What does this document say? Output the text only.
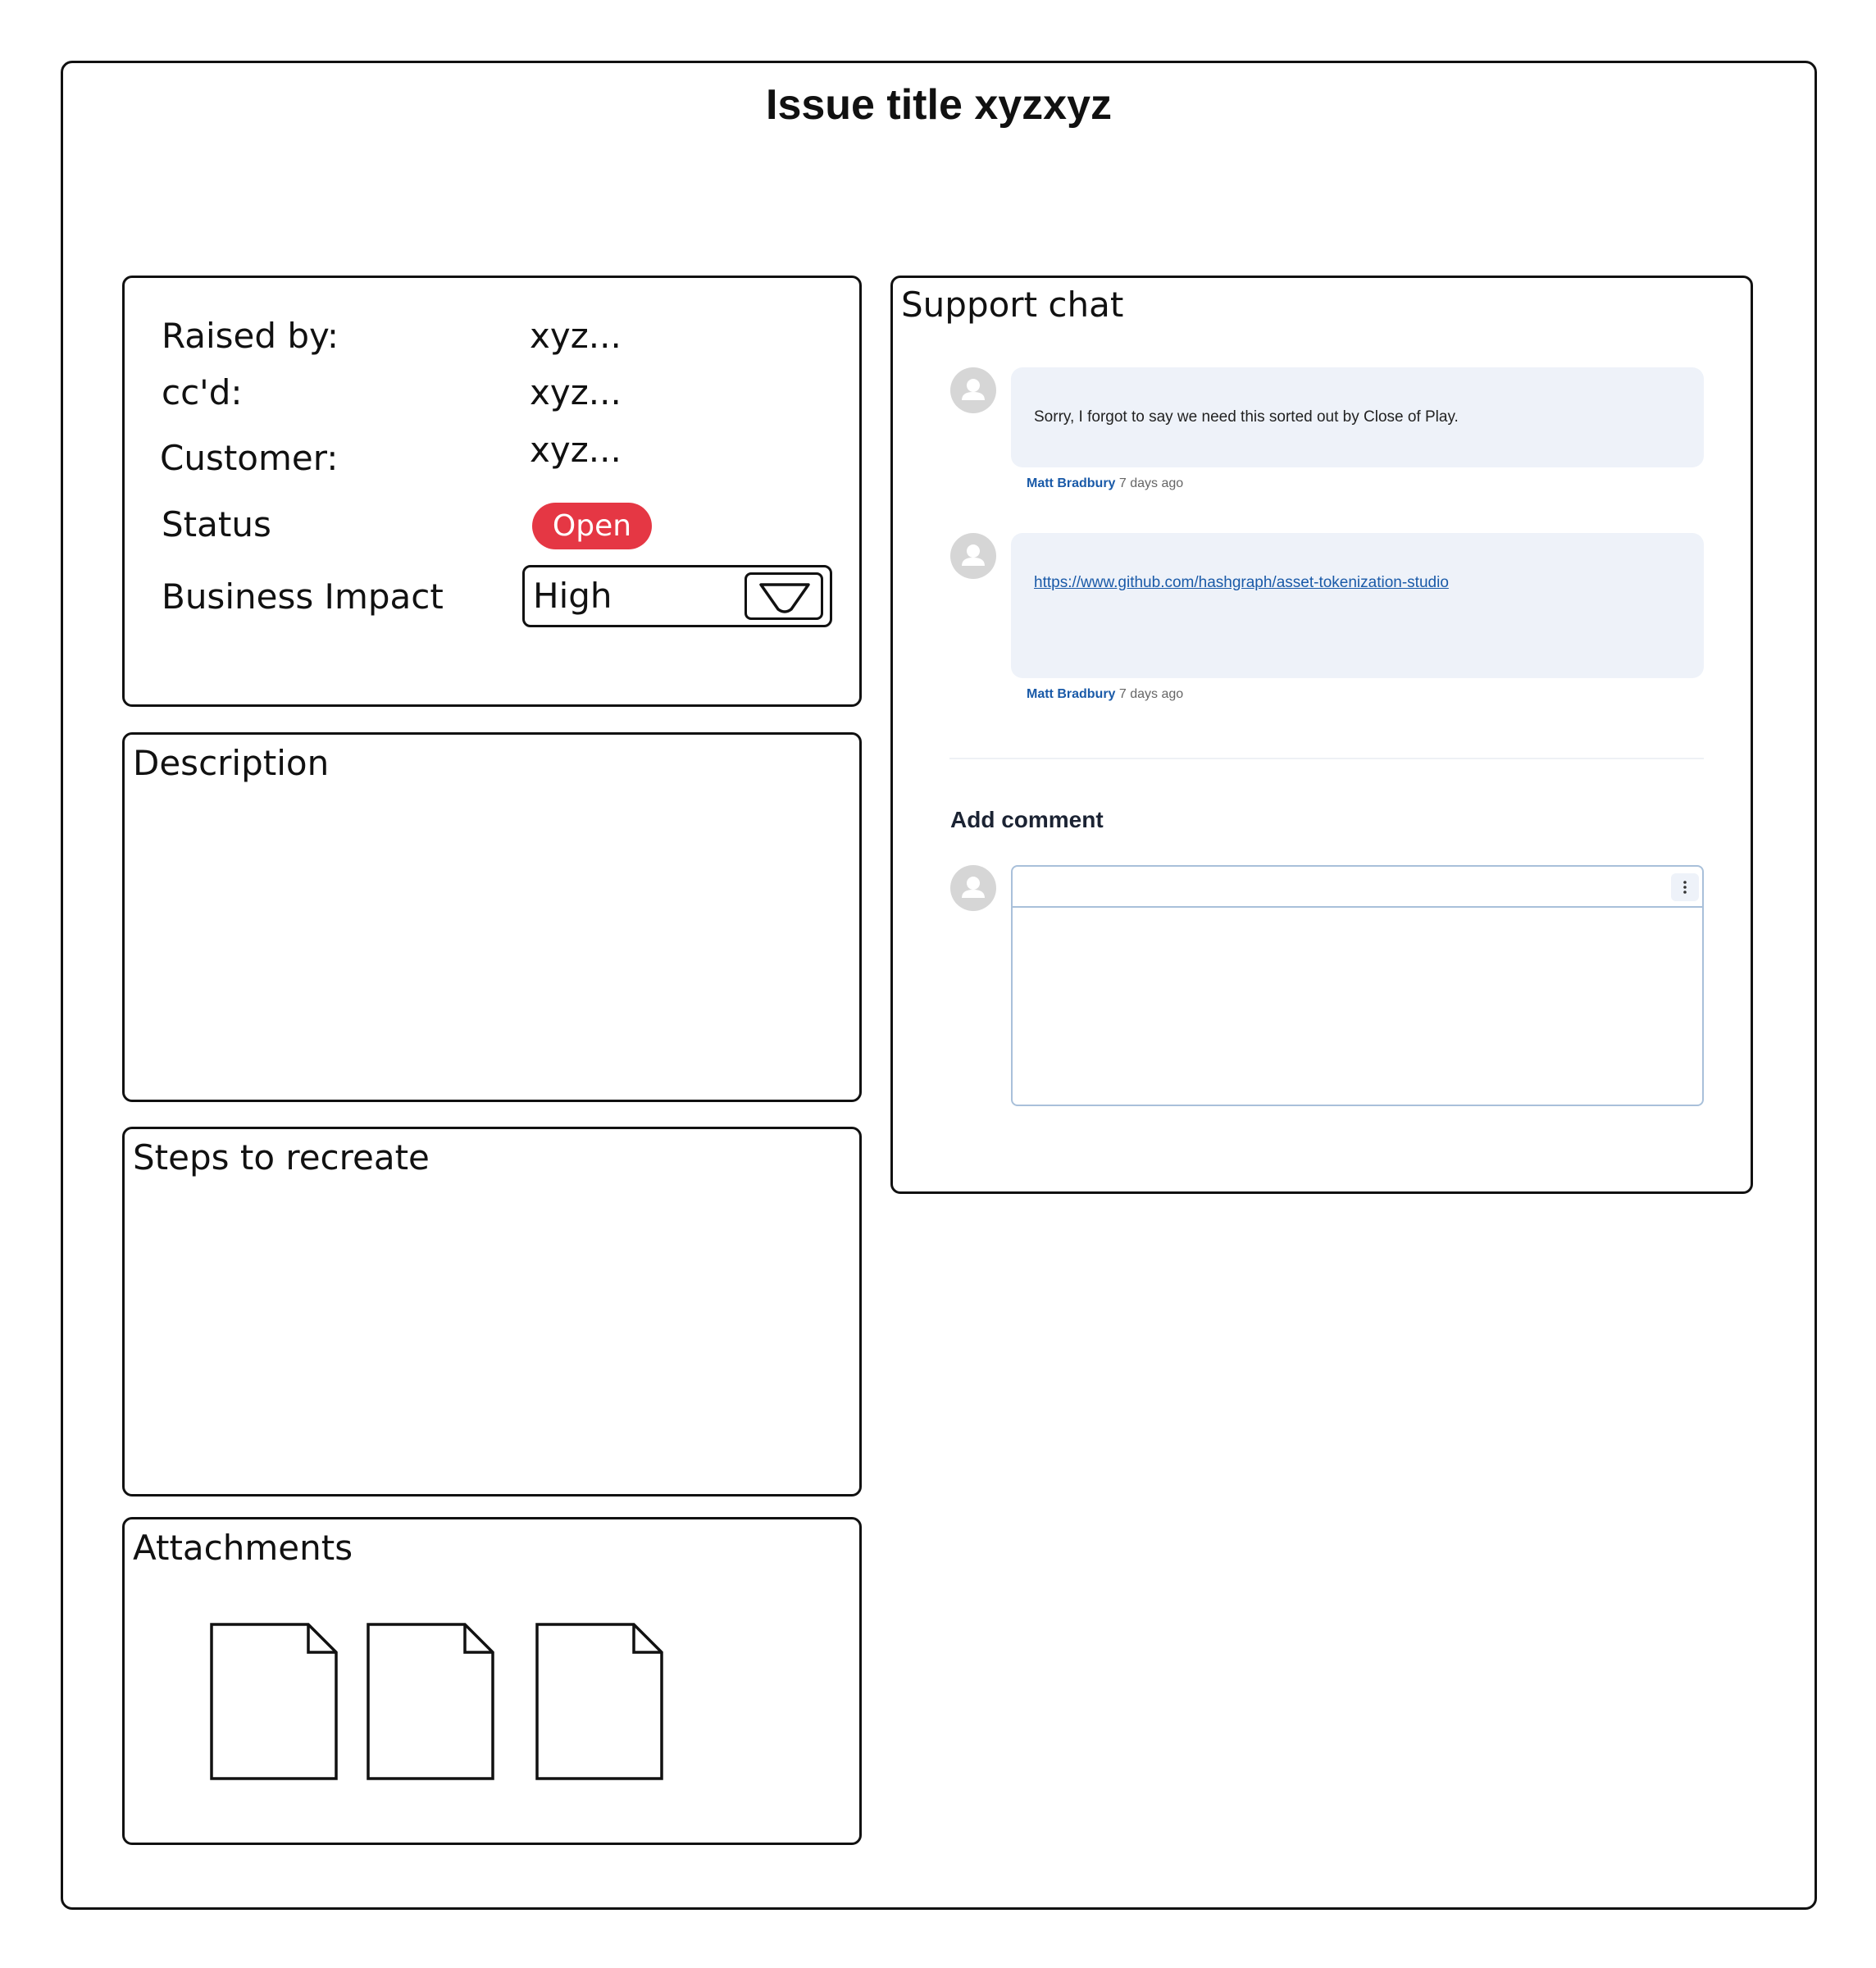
Issue title xyzxyz
Raised by:	xyz...
cc'd:	xyz...
Customer:	xyz...
Status	Open
Business Impact	High
Description
Steps to recreate
Attachments
Support chat
Sorry, I forgot to say we need this sorted out by Close of Play.
Matt Bradbury 7 days ago
https://www.github.com/hashgraph/asset-tokenization-studio
Matt Bradbury 7 days ago
Add comment
